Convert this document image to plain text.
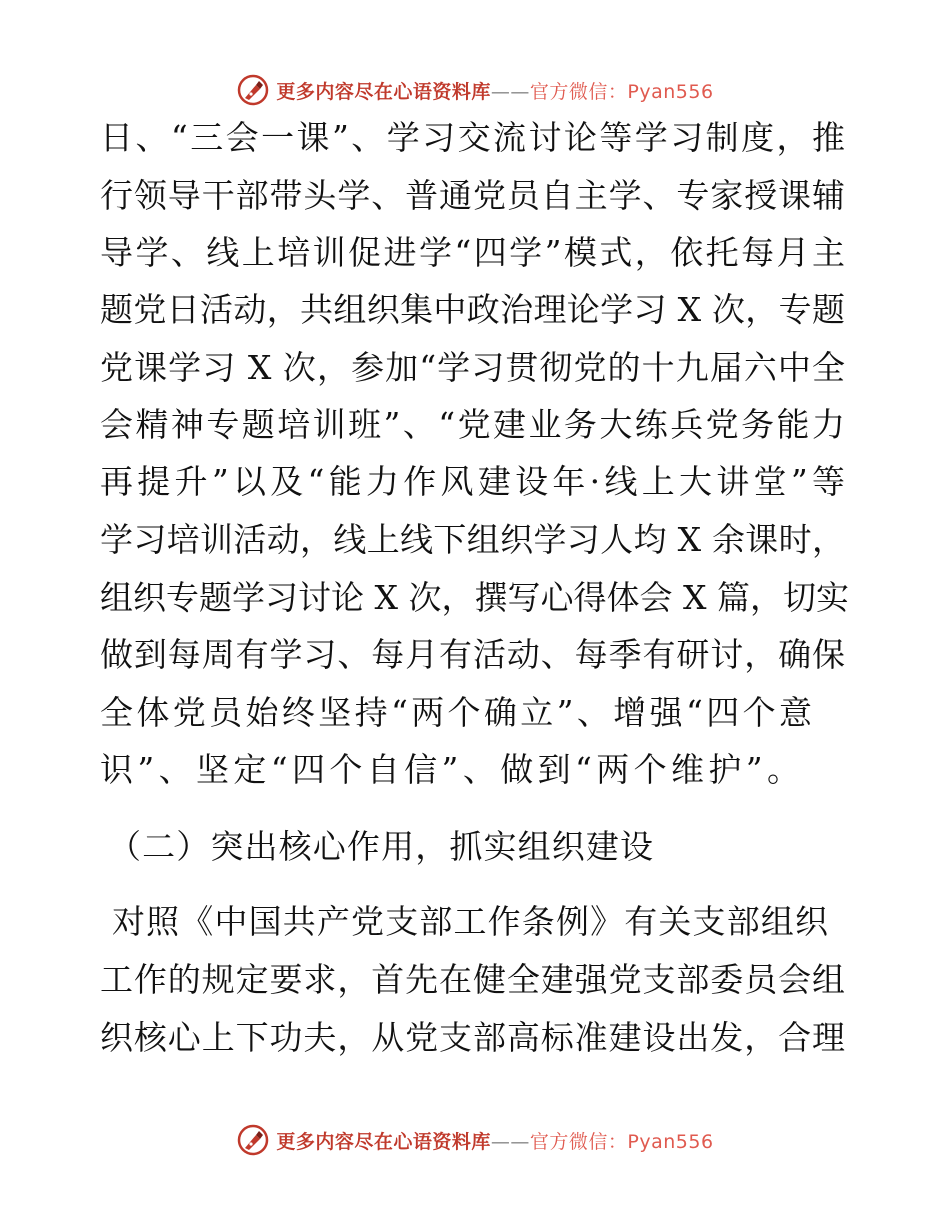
更多内容尽在心语资料库——官方微信：Pyan556
日、“三会一课”、学习交流讨论等学习制度，推
行领导干部带头学、普通党员自主学、专家授课辅
导学、线上培训促进学“四学”模式，依托每月主
题党日活动，共组织集中政治理论学习 X 次，专题
党课学习 X 次，参加“学习贯彻党的十九届六中全
会精神专题培训班”、“党建业务大练兵党务能力
再提升”以及“能力作风建设年·线上大讲堂”等
学习培训活动，线上线下组织学习人均 X 余课时，
组织专题学习讨论 X 次，撰写心得体会 X 篇，切实
做到每周有学习、每月有活动、每季有研讨，确保
全体党员始终坚持“两个确立”、增强“四个意
识”、坚定“四个自信”、做到“两个维护”。
（二）突出核心作用，抓实组织建设
对照《中国共产党支部工作条例》有关支部组织
工作的规定要求，首先在健全建强党支部委员会组
织核心上下功夫，从党支部高标准建设出发，合理
更多内容尽在心语资料库——官方微信：Pyan556
